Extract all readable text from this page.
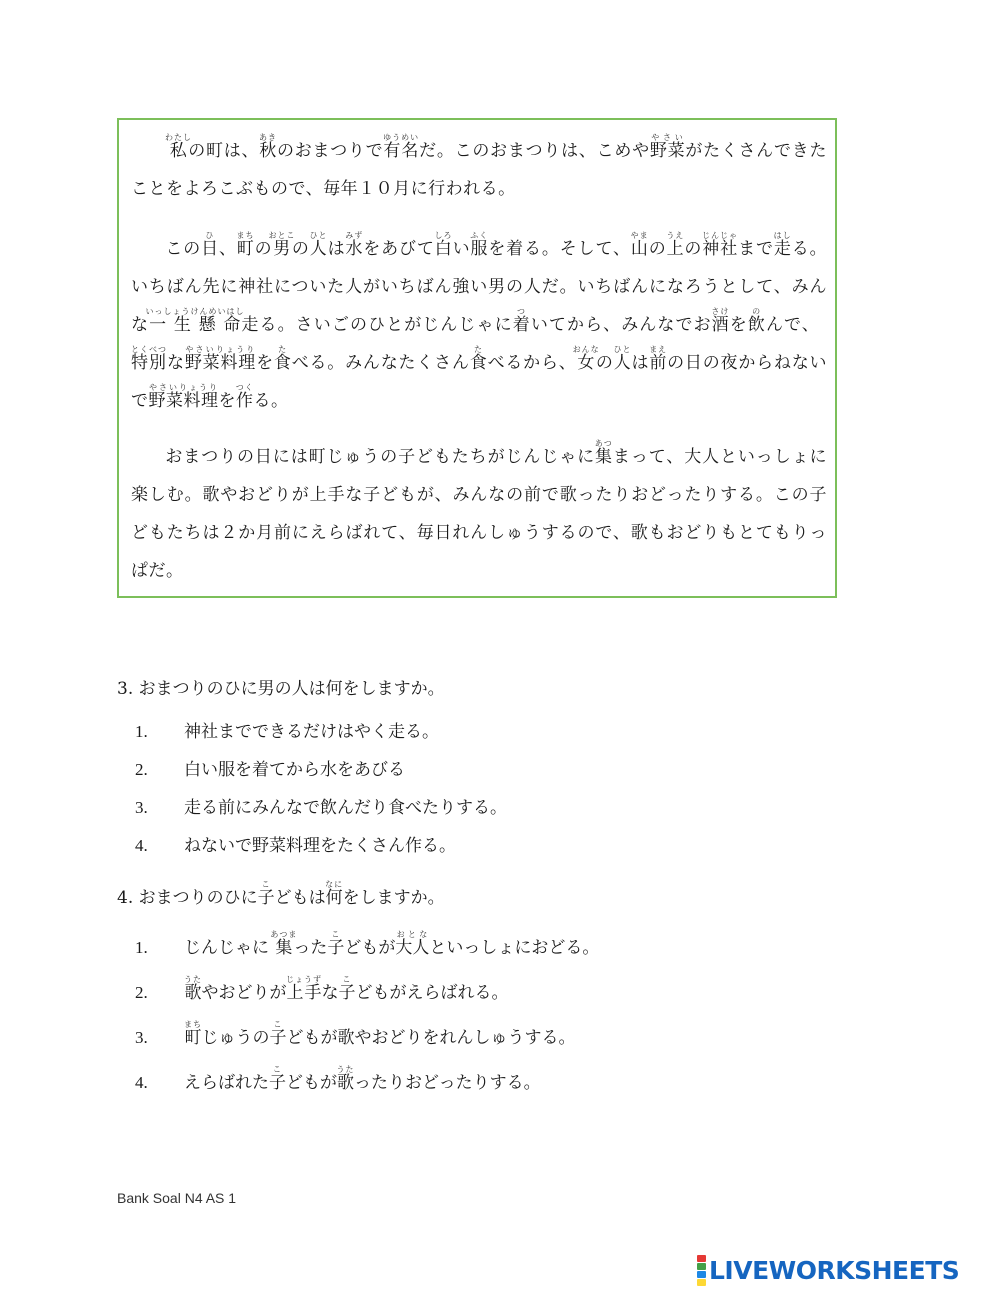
私わたしの町は、秋あきのおまつりで有名ゆうめいだ。このおまつりは、こめや野菜やさいがたくさんできたことをよろこぶもので、毎年１０月に行われる。

この日ひ、町まちの男おとこの人ひとは水みずをあびて白しろい服ふくを着る。そして、山やまの上うえの神社じんじゃまで走はしる。いちばん先に神社についた人がいちばん強い男の人だ。いちばんになろうとして、みんな一生懸命いっしょうけんめいはし走る。さいごのひとがじんじゃに着ついてから、みんなでお酒さけを飲のんで、特別とくべつな野菜料理やさいりょうりを食たべる。みんなたくさん食たべるから、女おんなの人ひとは前まえの日の夜からねないで野菜料理やさいりょうりを作つくる。

おまつりの日には町じゅうの子どもたちがじんじゃに集あつまって、大人といっしょに楽しむ。歌やおどりが上手な子どもが、みんなの前で歌ったりおどったりする。この子どもたちは２か月前にえらばれて、毎日れんしゅうするので、歌もおどりもとてもりっぱだ。

3. おまつりのひに男の人は何をしますか。
1.	神社までできるだけはやく走る。
2.	白い服を着てから水をあびる
3.	走る前にみんなで飲んだり食べたりする。
4.	ねないで野菜料理をたくさん作る。
4. おまつりのひに子こどもは何なにをしますか。
1.	じんじゃに 集あつまった子こどもが大人おとなといっしょにおどる。
2.	歌うたやおどりが上手じょうずな子こどもがえらばれる。
3.	町まちじゅうの子こどもが歌やおどりをれんしゅうする。
4.	えらばれた子こどもが歌うたったりおどったりする。
Bank Soal N4 AS 1
LIVEWORKSHEETS
